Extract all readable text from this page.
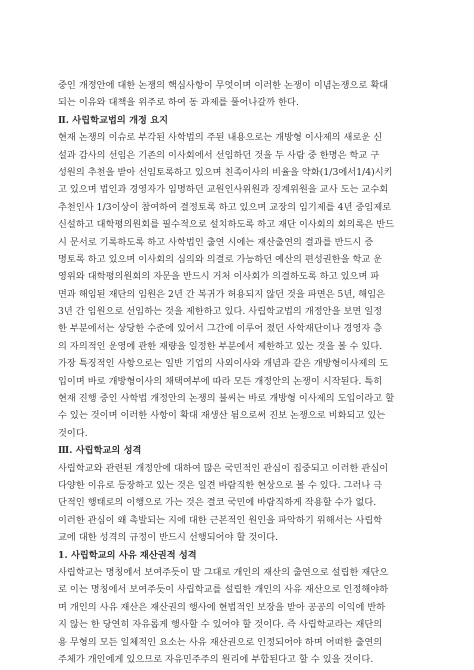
중인 개정안에 대한 논쟁의 핵심사항이 무엇이며 이러한 논쟁이 이념논쟁으로 확대
되는 이유와 대책을 위주로 하여 동 과제를 풀어나갈까 한다.
Ⅱ. 사립학교법의 개정 요지
현재 논쟁의 이슈로 부각된 사학법의 주된 내용으로는 개방형 이사제의 새로운 신
설과 감사의 선임은 기존의 이사회에서 선임하던 것을 두 사람 중 한명은 학교 구
성원의 추천을 받아 선임토록하고 있으며 친족이사의 비율을 약화(1/3에서1/4)시키
고 있으며 법인과 경영자가 임명하던 교원인사위원과 징계위원을 교사 도는 교수회
추천인사 1/3이상이 참여하여 결정토록 하고 있으며 교장의 임기제를 4년 중임제로
신설하고 대학평의원회를 필수적으로 설치하도록 하고 재단 이사회의 회의록은 반드
시 문서로 기록하도록 하고 사학법인 출연 시에는 재산출연의 결과를 반드시 증
명토록 하고 있으며 이사회의 심의와 의결로 가능하던 예산의 편성권한을 학교 운
영위와 대학평의원회의 자문을 반드시 거처 이사회가 의결하도록 하고 있으며 파
면과 해임된 재단의 임원은 2년 간 복귀가 허용되지 않던 것을 파면은 5년, 해임은
3년 간 임원으로 선임하는 것을 제한하고 있다. 사립학교법의 개정안을 보면 일정
한 부분에서는 상당한 수준에 있어서 그간에 이루어 졌던 사학재단이나 경영자 층
의 자의적인 운영에 관한 재량을 일정한 부분에서 제한하고 있는 것을 볼 수 있다.
가장 특징적인 사항으로는 일반 기업의 사외이사와 개념과 같은 개방형이사제의 도
입이며 바로 개방형이사의 채택여부에 따라 모든 개정안의 논쟁이 시작된다. 특히
현재 진행 중인 사학법 개정안의 논쟁의 불씨는 바로 개방형 이사제의 도입이라고 할
수 있는 것이며 이러한 사항이 확대 재생산 됨으로써 진보 논쟁으로 비화되고 있는
것이다.
Ⅲ. 사립학교의 성격
사립학교와 관련된 개정안에 대하여 많은 국민적인 관심이 집중되고 이러한 관심이
다양한 이유로 등장하고 있는 것은 일견 바람직한 현상으로 볼 수 있다. 그러나 극
단적인 행태로의 이행으로 가는 것은 결코 국민에 바람직하게 작용할 수가 없다.
이러한 관심이 왜 촉발되는 지에 대한 근본적인 원인을 파악하기 위해서는 사립학
교에 대한 성격의 규정이 반드시 선행되어야 할 것이다.
1. 사립학교의 사유 재산권적 성격
사립학교는 명칭에서 보여주듯이 말 그대로 개인의 재산의 출연으로 설립한 재단으
로 이는 명칭에서 보여주듯이 사립학교를 설립한 개인의 사유 재산으로 인정해야하
며 개인의 사유 재산은 재산권의 행사에 현법적인 보장을 받아 공공의 이익에 반하
지 않는 한 당연히 자유롭게 행사할 수 있어야 할 것이다. 즉 사립학교라는 재단의
용 무형의 모든 일체적인 요소는 사유 재산권으로 인정되어야 하며 어떠한 출연의
주체가 개인에게 있으므로 자유민주주의 원리에 부합된다고 할 수 있을 것이다.
